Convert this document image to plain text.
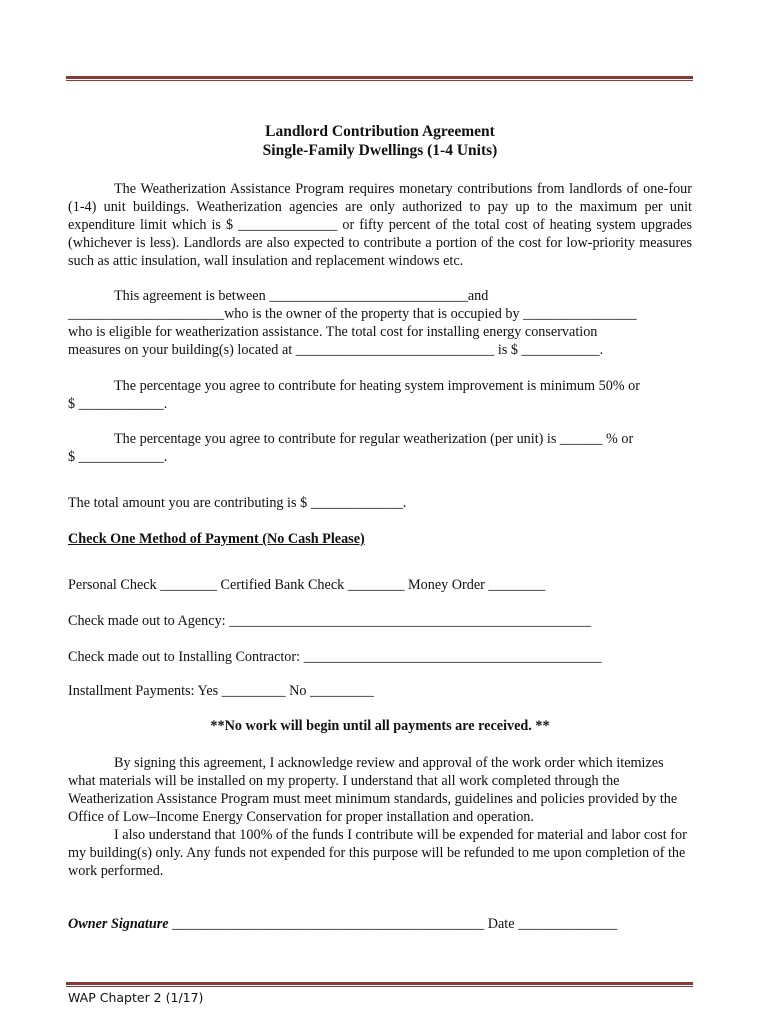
Landlord Contribution Agreement
Single-Family Dwellings (1-4 Units)
The Weatherization Assistance Program requires monetary contributions from landlords of one-four (1-4) unit buildings. Weatherization agencies are only authorized to pay up to the maximum per unit expenditure limit which is $ ______________ or fifty percent of the total cost of heating system upgrades (whichever is less). Landlords are also expected to contribute a portion of the cost for low-priority measures such as attic insulation, wall insulation and replacement windows etc.
This agreement is between ____________________________and
______________________who is the owner of the property that is occupied by ________________
who is eligible for weatherization assistance. The total cost for installing energy conservation
measures on your building(s) located at ____________________________ is $ ___________.
The percentage you agree to contribute for heating system improvement is minimum 50% or
$ ____________.
The percentage you agree to contribute for regular weatherization (per unit) is ______ % or
$ ____________.
The total amount you are contributing is $ _____________.
Check One Method of Payment (No Cash Please)
Personal Check ________ Certified Bank Check ________ Money Order ________
Check made out to Agency: ___________________________________________________
Check made out to Installing Contractor: __________________________________________
Installment Payments: Yes _________ No _________
**No work will begin until all payments are received. **
By signing this agreement, I acknowledge review and approval of the work order which itemizes what materials will be installed on my property. I understand that all work completed through the Weatherization Assistance Program must meet minimum standards, guidelines and policies provided by the Office of Low–Income Energy Conservation for proper installation and operation.
I also understand that 100% of the funds I contribute will be expended for material and labor cost for my building(s) only. Any funds not expended for this purpose will be refunded to me upon completion of the work performed.
Owner Signature ____________________________________________ Date ______________
WAP Chapter 2 (1/17)
